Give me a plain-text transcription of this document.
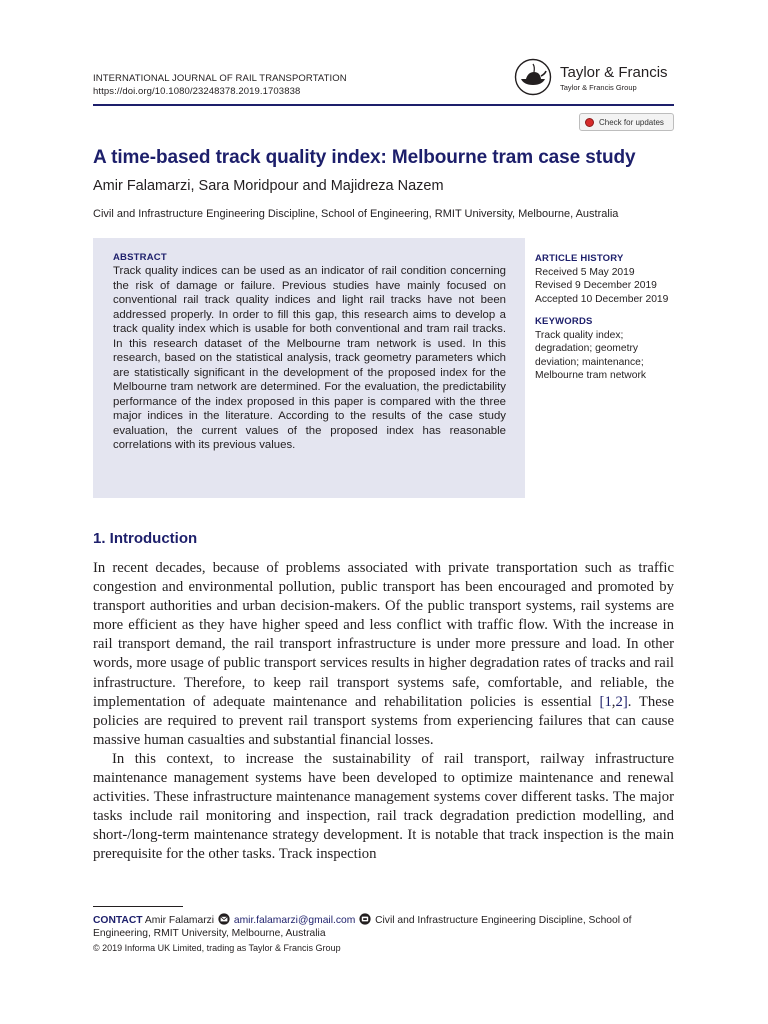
INTERNATIONAL JOURNAL OF RAIL TRANSPORTATION
https://doi.org/10.1080/23248378.2019.1703838
Taylor & Francis
Taylor & Francis Group
Check for updates
A time-based track quality index: Melbourne tram case study
Amir Falamarzi, Sara Moridpour and Majidreza Nazem
Civil and Infrastructure Engineering Discipline, School of Engineering, RMIT University, Melbourne, Australia
ABSTRACT
Track quality indices can be used as an indicator of rail condition concerning the risk of damage or failure. Previous studies have mainly focused on conventional rail track quality indices and light rail tracks have not been addressed properly. In order to fill this gap, this research aims to develop a track quality index which is usable for both conventional and tram rail tracks. In this research dataset of the Melbourne tram network is used. In this research, based on the statistical analysis, track geometry parameters which are statistically significant in the development of the proposed index for the Melbourne tram network are determined. For the evaluation, the predictability performance of the index proposed in this paper is compared with the three major indices in the literature. According to the results of the case study evaluation, the current values of the proposed index has reasonable correlations with its previous values.
ARTICLE HISTORY
Received 5 May 2019
Revised 9 December 2019
Accepted 10 December 2019
KEYWORDS
Track quality index; degradation; geometry deviation; maintenance; Melbourne tram network
1. Introduction

In recent decades, because of problems associated with private transportation such as traffic congestion and environmental pollution, public transport has been encouraged and promoted by transport authorities and urban decision-makers. Of the public transport systems, rail systems are more efficient as they have higher speed and less conflict with traffic flow. With the increase in rail transport demand, the rail transport infrastructure is under more pressure and load. In other words, more usage of public transport services results in higher degradation rates of tracks and rail infrastructure. Therefore, to keep rail transport systems safe, comfortable, and reliable, the implementation of adequate maintenance and rehabilitation policies is essential [1,2]. These policies are required to prevent rail transport systems from experiencing failures that can cause massive human casualties and substantial financial losses.

In this context, to increase the sustainability of rail transport, railway infrastructure maintenance management systems have been developed to optimize maintenance and renewal activities. These infrastructure maintenance management systems cover different tasks. The major tasks include rail monitoring and inspection, rail track degradation prediction modelling, and short-/long-term maintenance strategy development. It is notable that track inspection is the main prerequisite for the other tasks. Track inspection

CONTACT Amir Falamarzi amir.falamarzi@gmail.com Civil and Infrastructure Engineering Discipline, School of Engineering, RMIT University, Melbourne, Australia
© 2019 Informa UK Limited, trading as Taylor & Francis Group
